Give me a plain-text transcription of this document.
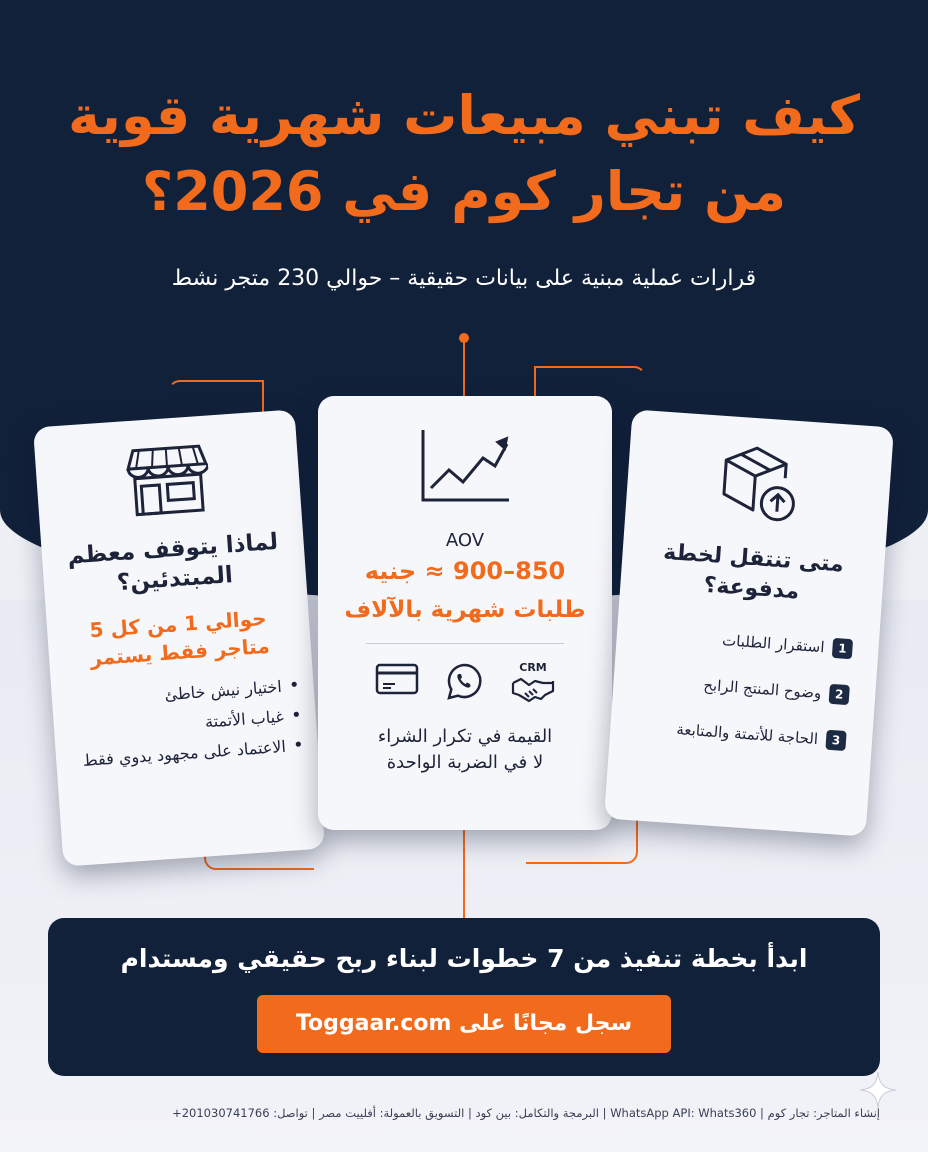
كيف تبني مبيعات شهرية قوية
من تجار كوم في 2026؟
قرارات عملية مبنية على بيانات حقيقية – حوالي 230 متجر نشط
لماذا يتوقف معظم المبتدئين؟
حوالي 1 من كل 5 متاجر فقط يستمر
• اختيار نيش خاطئ
• غياب الأتمتة
• الاعتماد على مجهود يدوي فقط
AOV
850–900 ≈ جنيه
طلبات شهرية بالآلاف
CRM
القيمة في تكرار الشراء لا في الضربة الواحدة
متى تنتقل لخطة مدفوعة؟
1
استقرار الطلبات
2
وضوح المنتج الرابح
3
الحاجة للأتمتة والمتابعة
ابدأ بخطة تنفيذ من 7 خطوات لبناء ربح حقيقي ومستدام
سجل مجانًا على Toggaar.com
إنشاء المتاجر: تجار كوم | WhatsApp API: Whats360 | البرمجة والتكامل: بين كود | التسويق بالعمولة: أفلييت مصر | تواصل: 201030741766+
